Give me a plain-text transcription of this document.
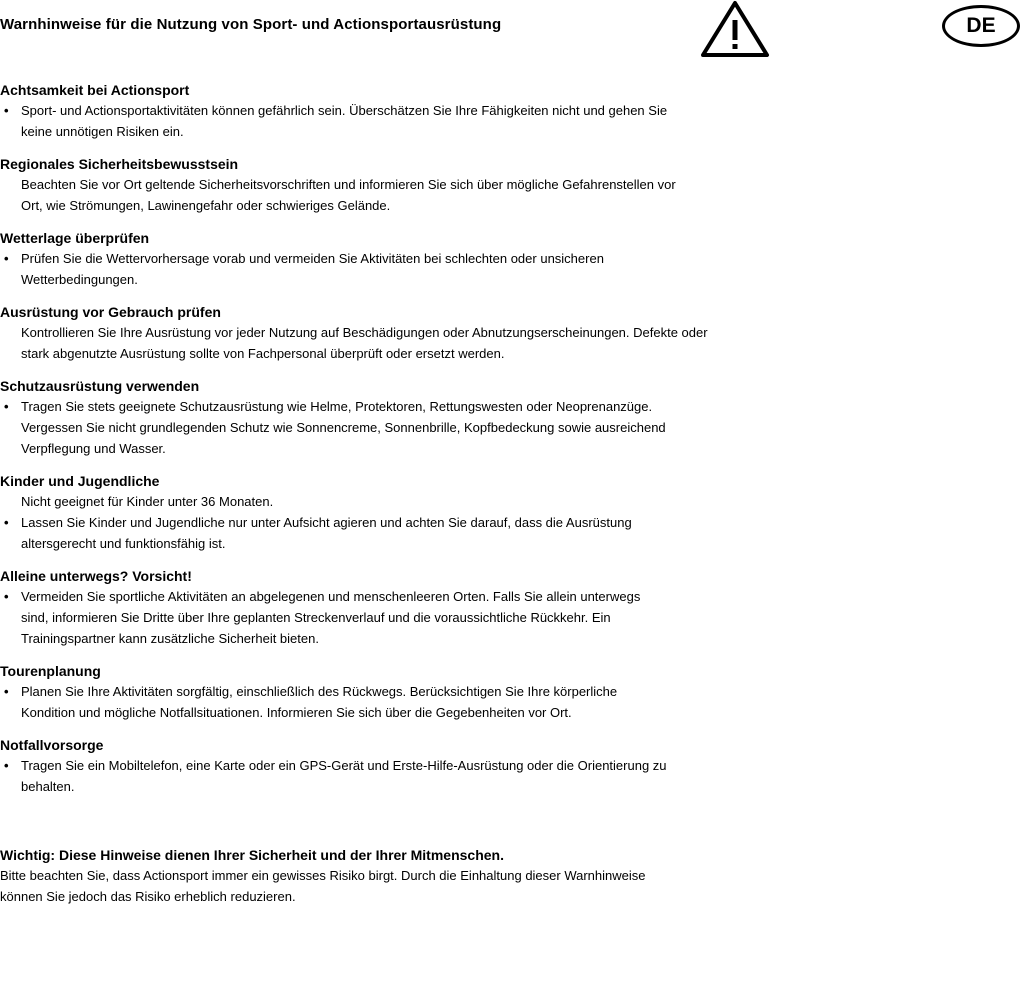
Warnhinweise für die Nutzung von Sport- und Actionsportausrüstung	DE
Achtsamkeit bei Actionsport
• Sport- und Actionsportaktivitäten können gefährlich sein. Überschätzen Sie Ihre Fähigkeiten nicht und gehen Sie
keine unnötigen Risiken ein.
Regionales Sicherheitsbewusstsein
Beachten Sie vor Ort geltende Sicherheitsvorschriften und informieren Sie sich über mögliche Gefahrenstellen vor
Ort, wie Strömungen, Lawinengefahr oder schwieriges Gelände.
Wetterlage überprüfen
• Prüfen Sie die Wettervorhersage vorab und vermeiden Sie Aktivitäten bei schlechten oder unsicheren
Wetterbedingungen.
Ausrüstung vor Gebrauch prüfen
Kontrollieren Sie Ihre Ausrüstung vor jeder Nutzung auf Beschädigungen oder Abnutzungserscheinungen. Defekte oder
stark abgenutzte Ausrüstung sollte von Fachpersonal überprüft oder ersetzt werden.
Schutzausrüstung verwenden
• Tragen Sie stets geeignete Schutzausrüstung wie Helme, Protektoren, Rettungswesten oder Neoprenanzüge.
Vergessen Sie nicht grundlegenden Schutz wie Sonnencreme, Sonnenbrille, Kopfbedeckung sowie ausreichend
Verpflegung und Wasser.
Kinder und Jugendliche
Nicht geeignet für Kinder unter 36 Monaten.
• Lassen Sie Kinder und Jugendliche nur unter Aufsicht agieren und achten Sie darauf, dass die Ausrüstung
altersgerecht und funktionsfähig ist.
Alleine unterwegs? Vorsicht!
• Vermeiden Sie sportliche Aktivitäten an abgelegenen und menschenleeren Orten. Falls Sie allein unterwegs
sind, informieren Sie Dritte über Ihre geplanten Streckenverlauf und die voraussichtliche Rückkehr. Ein
Trainingspartner kann zusätzliche Sicherheit bieten.
Tourenplanung
• Planen Sie Ihre Aktivitäten sorgfältig, einschließlich des Rückwegs. Berücksichtigen Sie Ihre körperliche
Kondition und mögliche Notfallsituationen. Informieren Sie sich über die Gegebenheiten vor Ort.
Notfallvorsorge
• Tragen Sie ein Mobiltelefon, eine Karte oder ein GPS-Gerät und Erste-Hilfe-Ausrüstung oder die Orientierung zu
behalten.
Wichtig: Diese Hinweise dienen Ihrer Sicherheit und der Ihrer Mitmenschen.
Bitte beachten Sie, dass Actionsport immer ein gewisses Risiko birgt. Durch die Einhaltung dieser Warnhinweise
können Sie jedoch das Risiko erheblich reduzieren.
